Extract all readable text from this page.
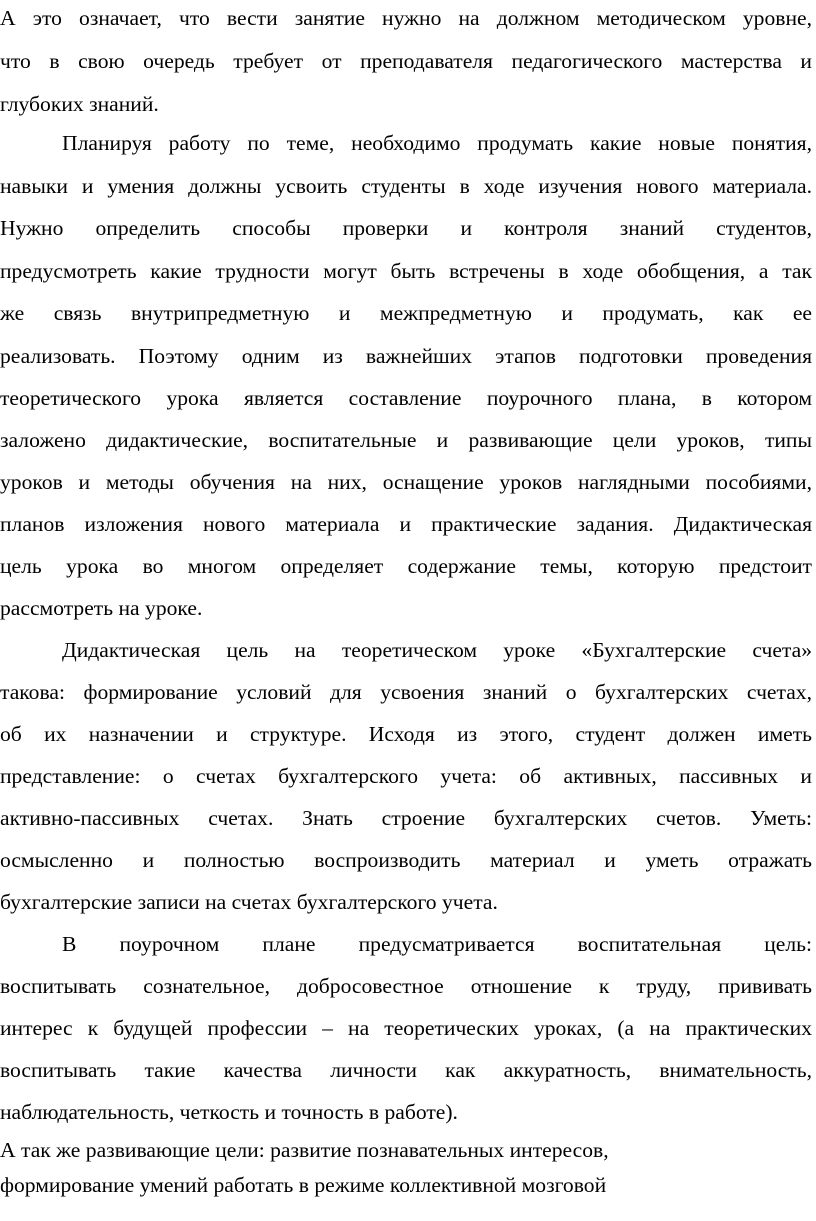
А это означает, что вести занятие нужно на должном методическом уровне,
что в свою очередь требует от преподавателя педагогического мастерства и
глубоких знаний.
Планируя работу по теме, необходимо продумать какие новые понятия,
навыки и умения должны усвоить студенты в ходе изучения нового материала.
Нужно определить способы проверки и контроля знаний студентов,
предусмотреть какие трудности могут быть встречены в ходе обобщения, а так
же связь внутрипредметную и межпредметную и продумать, как ее
реализовать. Поэтому одним из важнейших этапов подготовки проведения
теоретического урока является составление поурочного плана, в котором
заложено дидактические, воспитательные и развивающие цели уроков, типы
уроков и методы обучения на них, оснащение уроков наглядными пособиями,
планов изложения нового материала и практические задания. Дидактическая
цель урока во многом определяет содержание темы, которую предстоит
рассмотреть на уроке.
Дидактическая цель на теоретическом уроке «Бухгалтерские счета»
такова: формирование условий для усвоения знаний о бухгалтерских счетах,
об их назначении и структуре. Исходя из этого, студент должен иметь
представление: о счетах бухгалтерского учета: об активных, пассивных и
активно-пассивных счетах. Знать строение бухгалтерских счетов. Уметь:
осмысленно и полностью воспроизводить материал и уметь отражать
бухгалтерские записи на счетах бухгалтерского учета.
В поурочном плане предусматривается воспитательная цель:
воспитывать сознательное, добросовестное отношение к труду, прививать
интерес к будущей профессии – на теоретических уроках, (а на практических
воспитывать такие качества личности как аккуратность, внимательность,
наблюдательность, четкость и точность в работе).
А так же развивающие цели: развитие познавательных интересов,
формирование умений работать в режиме коллективной мозговой
